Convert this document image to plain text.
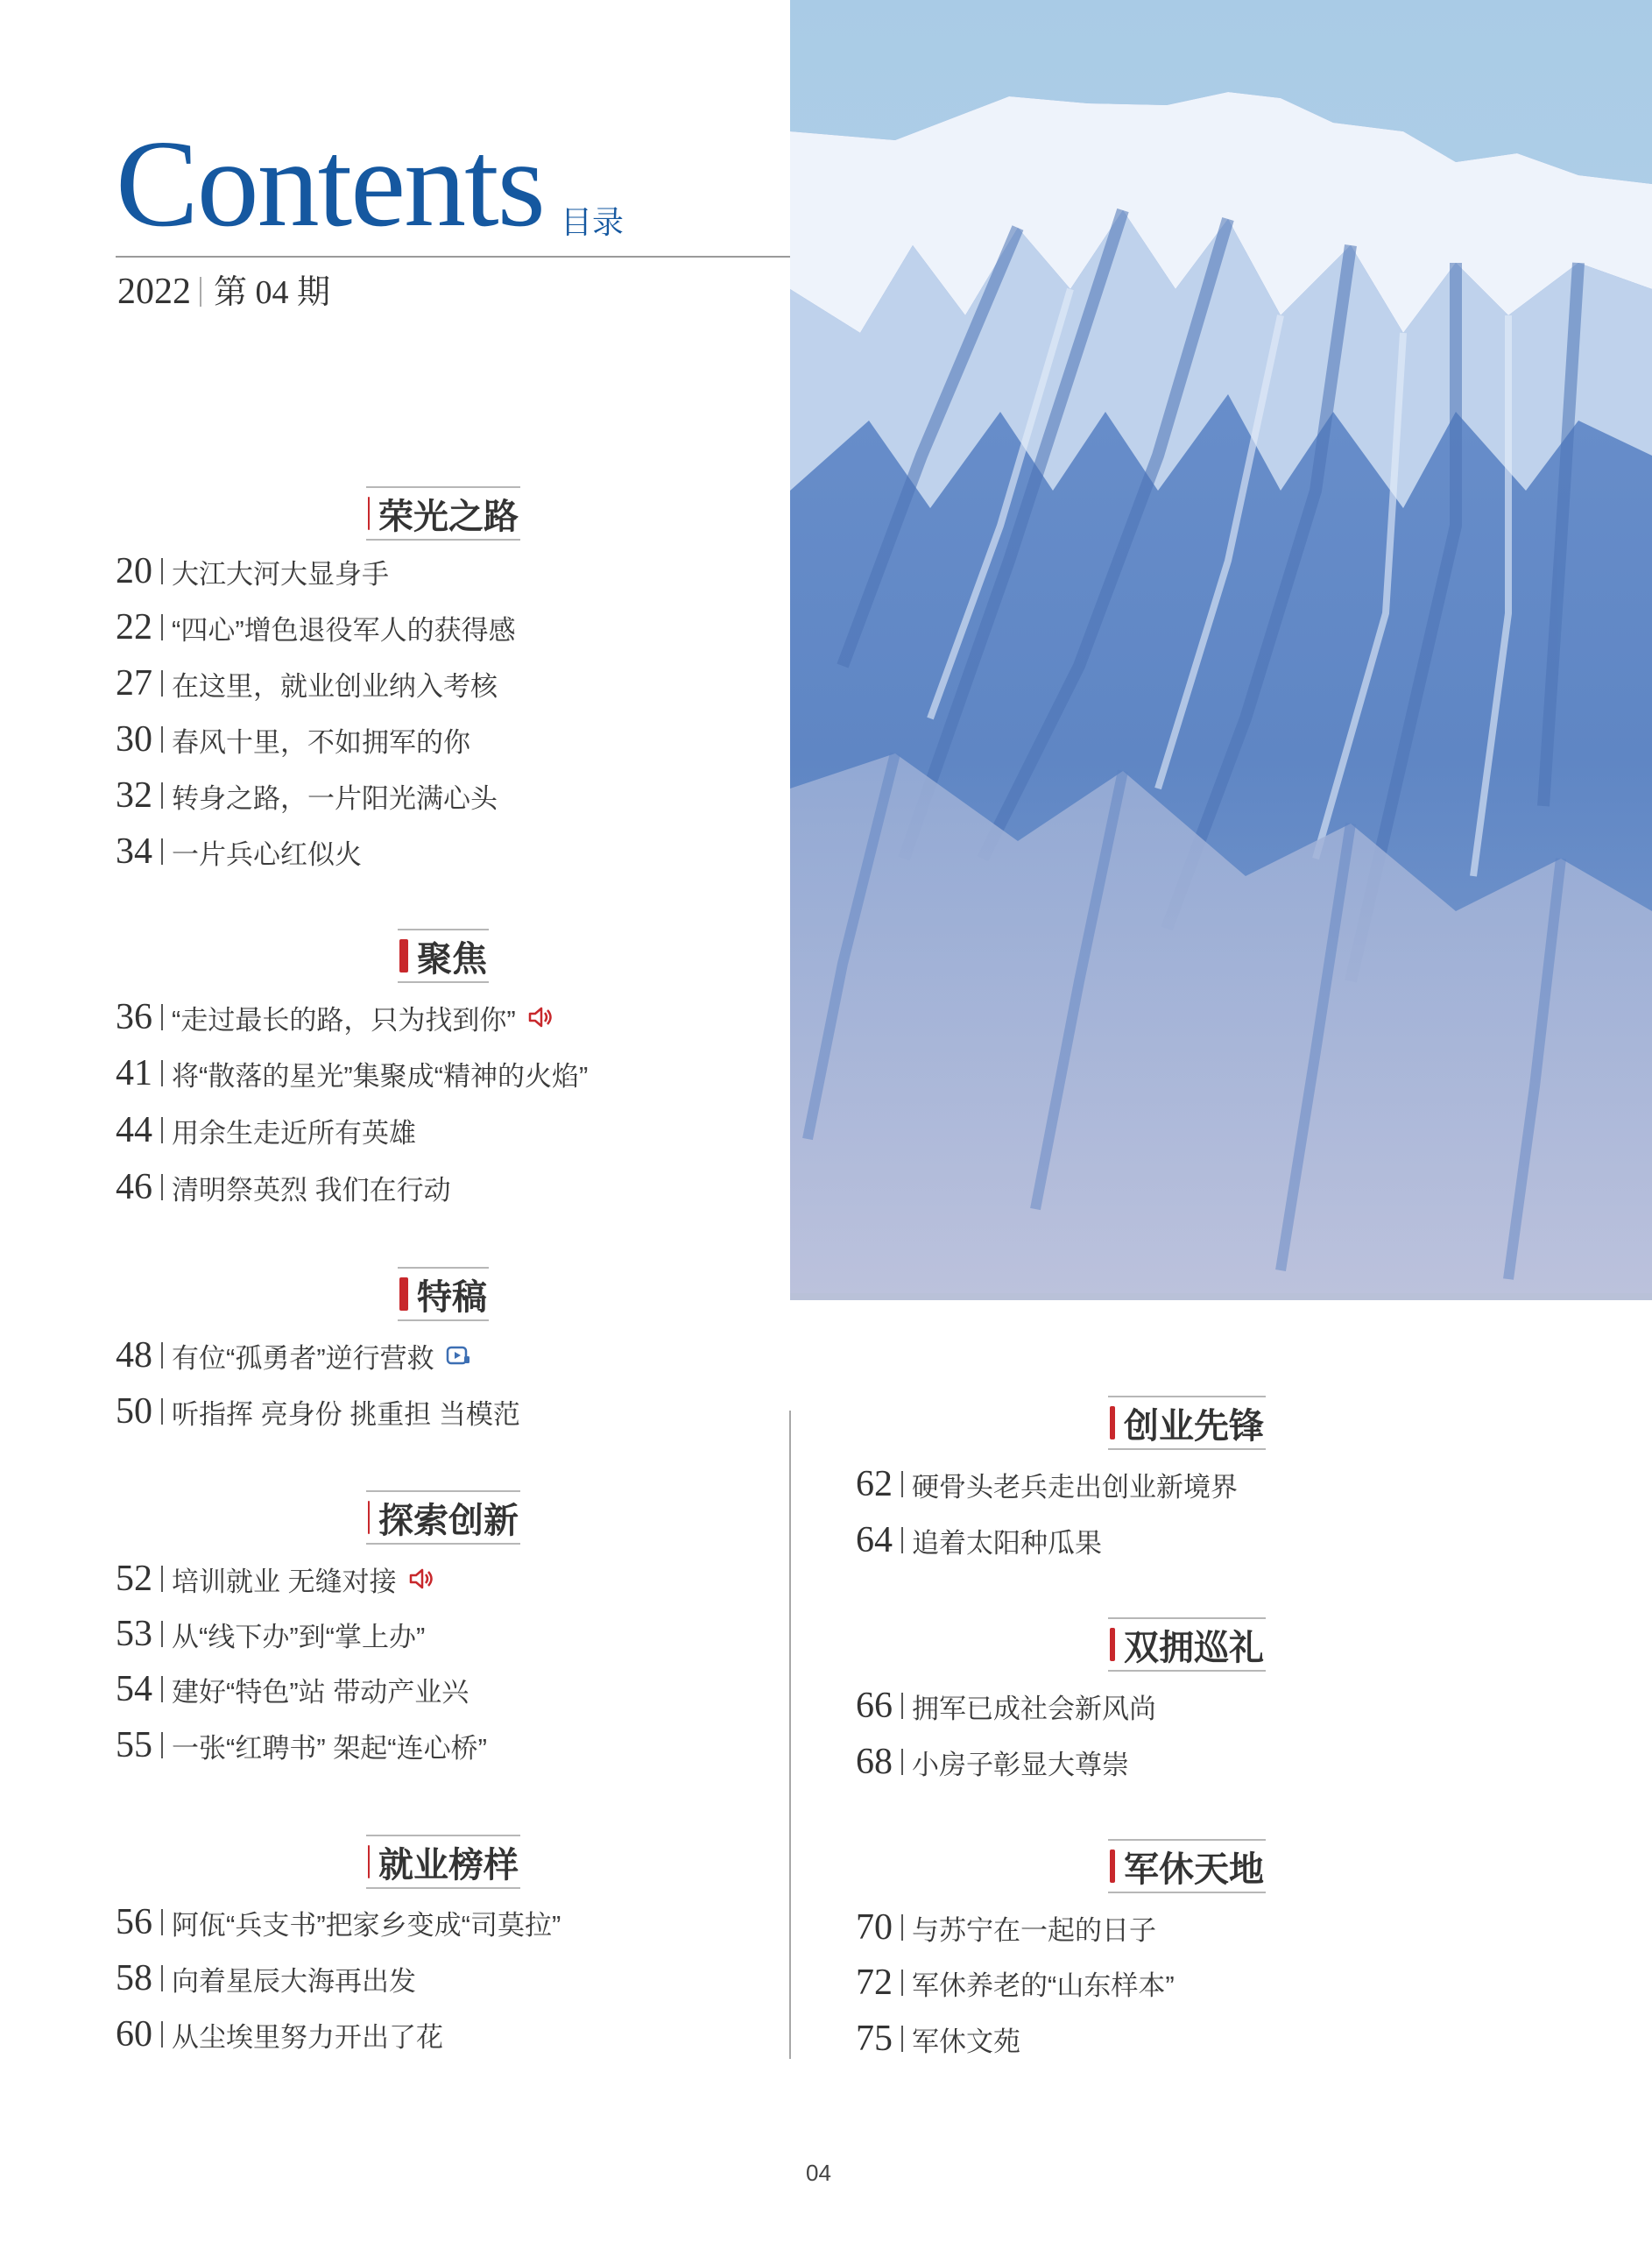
Contents 目录
2022 第 04 期
荣光之路
20 大江大河大显身手
22 “四心”增色退役军人的获得感
27 在这里，就业创业纳入考核
30 春风十里，不如拥军的你
32 转身之路，一片阳光满心头
34 一片兵心红似火
聚焦
36 “走过最长的路，只为找到你”
41 将“散落的星光”集聚成“精神的火焰”
44 用余生走近所有英雄
46 清明祭英烈 我们在行动
特稿
48 有位“孤勇者”逆行营救
50 听指挥 亮身份 挑重担 当模范
探索创新
52 培训就业 无缝对接
53 从“线下办”到“掌上办”
54 建好“特色”站 带动产业兴
55 一张“红聘书” 架起“连心桥”
就业榜样
56 阿佤“兵支书”把家乡变成“司莫拉”
58 向着星辰大海再出发
60 从尘埃里努力开出了花
创业先锋
62 硬骨头老兵走出创业新境界
64 追着太阳种瓜果
双拥巡礼
66 拥军已成社会新风尚
68 小房子彰显大尊崇
军休天地
70 与苏宁在一起的日子
72 军休养老的“山东样本”
75 军休文苑
04
